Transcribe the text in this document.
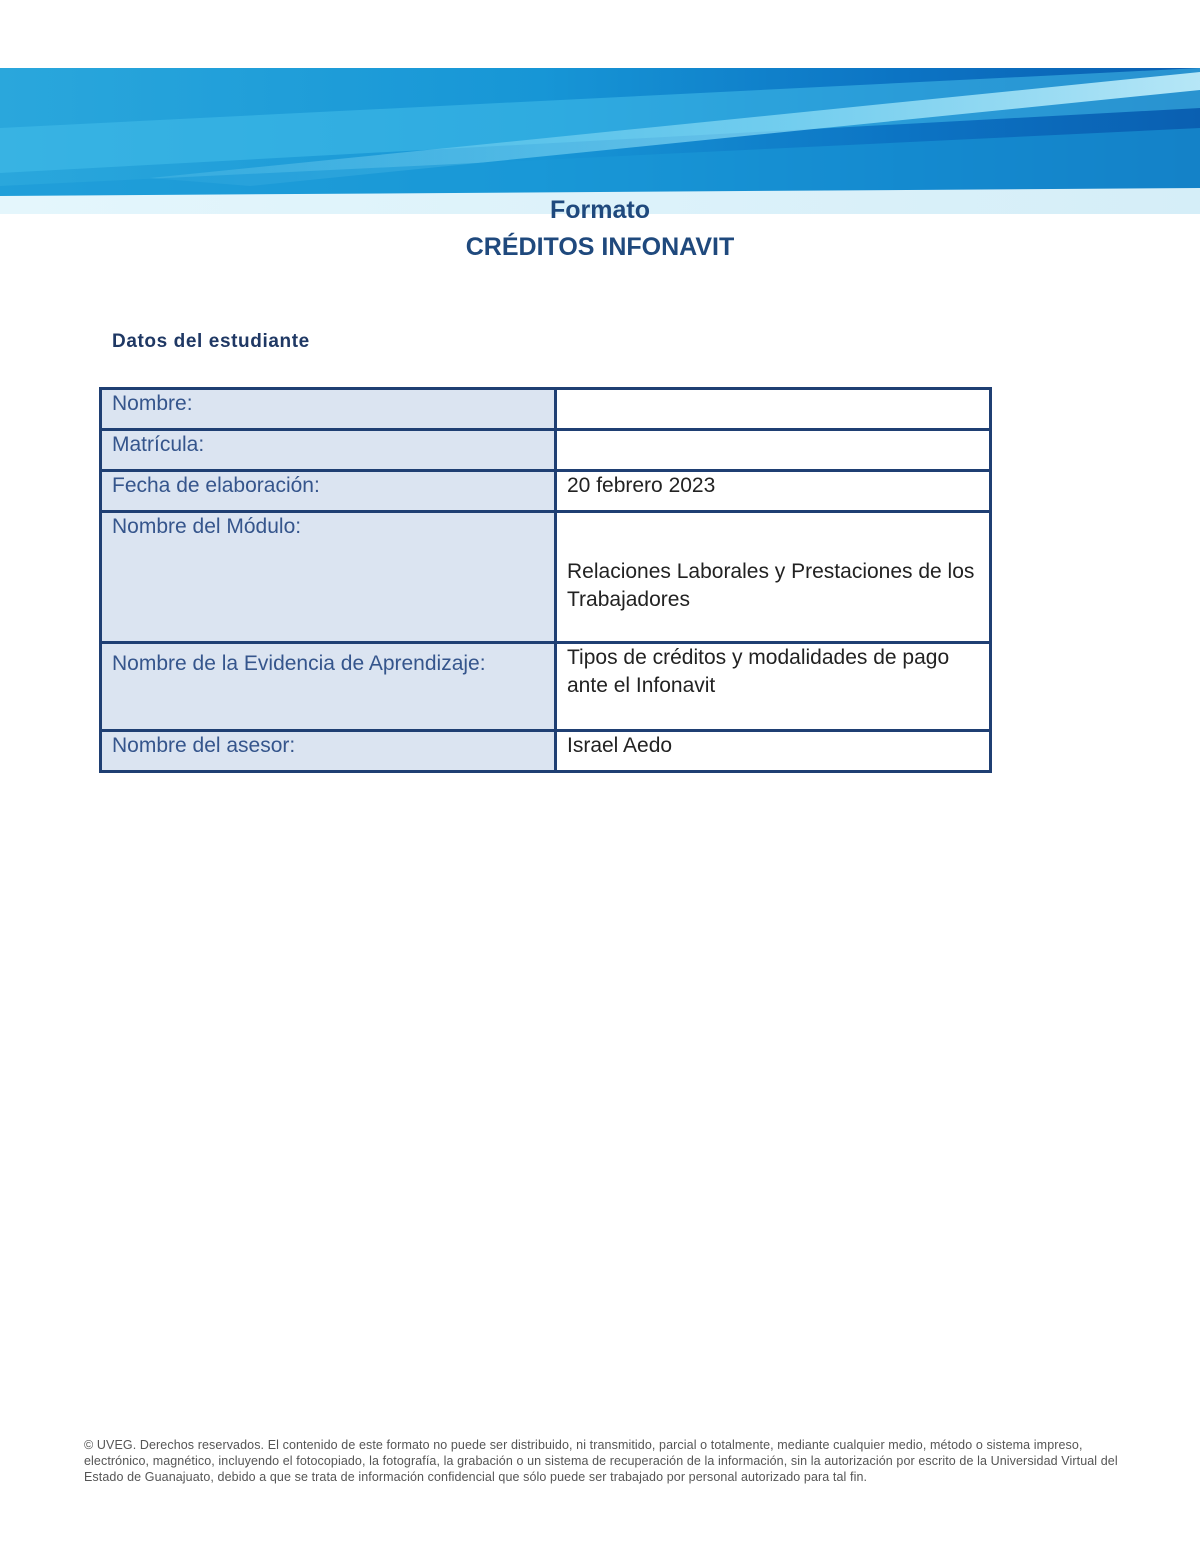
Formato
CRÉDITOS INFONAVIT
Datos del estudiante
Nombre:	
Matrícula:	
Fecha de elaboración:	20 febrero 2023
Nombre del Módulo:	Relaciones Laborales y Prestaciones de los Trabajadores
Nombre de la Evidencia de Aprendizaje:	Tipos de créditos y modalidades de pago ante el Infonavit
Nombre del asesor:	Israel Aedo
© UVEG. Derechos reservados. El contenido de este formato no puede ser distribuido, ni transmitido, parcial o totalmente, mediante cualquier medio, método o sistema impreso, electrónico, magnético, incluyendo el fotocopiado, la fotografía, la grabación o un sistema de recuperación de la información, sin la autorización por escrito de la Universidad Virtual del Estado de Guanajuato, debido a que se trata de información confidencial que sólo puede ser trabajado por personal autorizado para tal fin.
